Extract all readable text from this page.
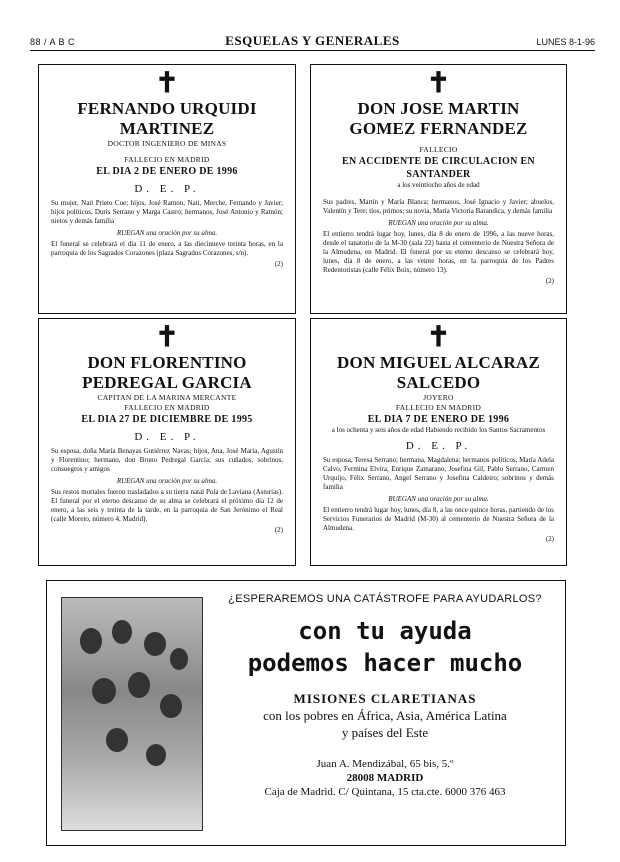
88 / A B C	ESQUELAS Y GENERALES	LUNES 8-1-96
✝
FERNANDO URQUIDI MARTINEZ
DOCTOR INGENIERO DE MINAS
FALLECIO EN MADRID
EL DIA 2 DE ENERO DE 1996
D. E. P.
Su mujer, Nati Prieto Cue; hijos, José Ramon, Nati, Merche, Fernando y Javier; hijos políticos, Duris Serrano y Marga Castro; hermanos, José Antonio y Ramón; nietos y demás familia
RUEGAN una oración por su alma.
El funeral se celebrará el día 11 de enero, a las diecinueve treinta horas, en la parroquia de los Sagrados Corazones (plaza Sagrados Corazones, s/n).
(2)
✝
DON JOSE MARTIN GOMEZ FERNANDEZ
FALLECIO
EN ACCIDENTE DE CIRCULACION EN SANTANDER
a los veintiocho años de edad
Sus padres, Martín y María Blanca; hermanos, José Ignacio y Javier; abuelos, Valentín y Tere; tíos, primos; su novia, María Victoria Barandica, y demás familia
RUEGAN una oración por su alma.
El entierro tendrá lugar hoy, lunes, día 8 de enero de 1996, a las nueve horas, desde el tanatorio de la M-30 (sala 22) hasta el cementerio de Nuestra Señora de la Almudena, en Madrid. El funeral por su eterno descanso se celebrará hoy, lunes, día 8 de enero, a las veinte horas, en la parroquia de los Padres Redentoristas (calle Félix Boix, número 13).
(2)
✝
DON FLORENTINO PEDREGAL GARCIA
CAPITAN DE LA MARINA MERCANTE
FALLECIO EN MADRID
EL DIA 27 DE DICIEMBRE DE 1995
D. E. P.
Su esposa, doña María Benayas Gutiérrez Navas; hijos, Ana, José María, Agustín y Florentino; hermano, don Bruno Pedregal García; sus cuñados, sobrinos, consuegros y amigos
RUEGAN una oración por su alma.
Sus restos mortales fueron trasladados a su tierra natal Pola de Laviana (Asturias). El funeral por el eterno descanso de su alma se celebrará el próximo día 12 de enero, a las seis y treinta de la tarde, en la parroquia de San Jerónimo el Real (calle Moreto, número 4, Madrid).
(2)
✝
DON MIGUEL ALCARAZ SALCEDO
JOYERO
FALLECIO EN MADRID
EL DIA 7 DE ENERO DE 1996
a los ochenta y seis años de edad Habiendo recibido los Santos Sacramentos
D. E. P.
Su esposa, Teresa Serrano; hermana, Magdalena; hermanos políticos, María Adela Calvo, Fermina Elvira, Enrique Zamarano, Josefina Gil, Pablo Serrano, Carmen Urquijo, Félix Serrano, Angel Serrano y Josefina Caldeiro; sobrinos y demás familia
RUEGAN una oración por su alma.
El entierro tendrá lugar hoy, lunes, día 8, a las once quince horas, partiendo de los Servicios Funerarios de Madrid (M-30) al cementerio de Nuestra Señora de la Almudena.
(2)
¿ESPERAREMOS UNA CATÁSTROFE PARA AYUDARLOS?
con tu ayuda
podemos hacer mucho
MISIONES CLARETIANAS
con los pobres en África, Asia, América Latina
y países del Este
Juan A. Mendizábal, 65 bis, 5.º
28008 MADRID
Caja de Madrid. C/ Quintana, 15 cta.cte. 6000 376 463
